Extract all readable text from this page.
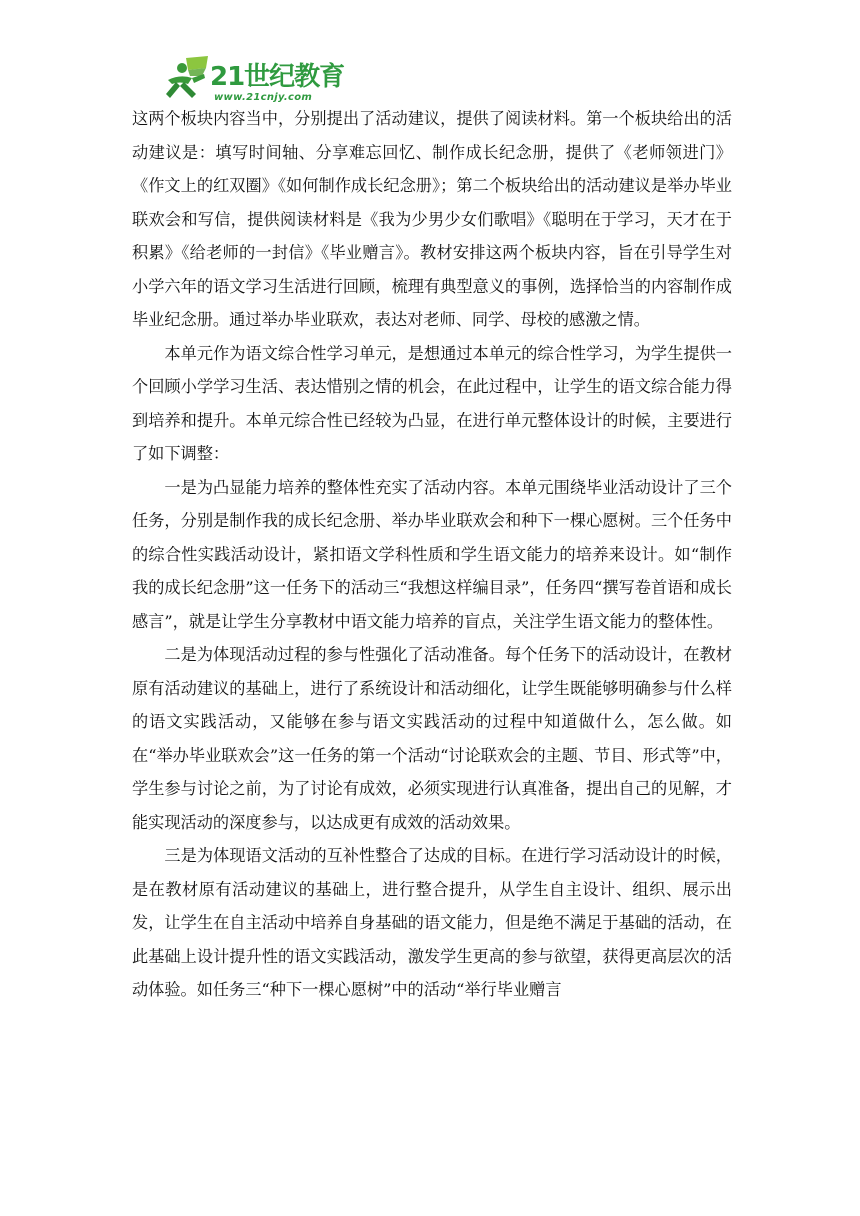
21世纪教育
www.21cnjy.com

这两个板块内容当中，分别提出了活动建议，提供了阅读材料。第一个板块给出的活动建议是：填写时间轴、分享难忘回忆、制作成长纪念册，提供了《老师领进门》《作文上的红双圈》《如何制作成长纪念册》；第二个板块给出的活动建议是举办毕业联欢会和写信，提供阅读材料是《我为少男少女们歌唱》《聪明在于学习，天才在于积累》《给老师的一封信》《毕业赠言》。教材安排这两个板块内容，旨在引导学生对小学六年的语文学习生活进行回顾，梳理有典型意义的事例，选择恰当的内容制作成毕业纪念册。通过举办毕业联欢，表达对老师、同学、母校的感激之情。

本单元作为语文综合性学习单元，是想通过本单元的综合性学习，为学生提供一个回顾小学学习生活、表达惜别之情的机会，在此过程中，让学生的语文综合能力得到培养和提升。本单元综合性已经较为凸显，在进行单元整体设计的时候，主要进行了如下调整：

一是为凸显能力培养的整体性充实了活动内容。本单元围绕毕业活动设计了三个任务，分别是制作我的成长纪念册、举办毕业联欢会和种下一棵心愿树。三个任务中的综合性实践活动设计，紧扣语文学科性质和学生语文能力的培养来设计。如“制作我的成长纪念册”这一任务下的活动三“我想这样编目录”，任务四“撰写卷首语和成长感言”，就是让学生分享教材中语文能力培养的盲点，关注学生语文能力的整体性。

二是为体现活动过程的参与性强化了活动准备。每个任务下的活动设计，在教材原有活动建议的基础上，进行了系统设计和活动细化，让学生既能够明确参与什么样的语文实践活动，又能够在参与语文实践活动的过程中知道做什么，怎么做。如在“举办毕业联欢会”这一任务的第一个活动“讨论联欢会的主题、节目、形式等”中，学生参与讨论之前，为了讨论有成效，必须实现进行认真准备，提出自己的见解，才能实现活动的深度参与，以达成更有成效的活动效果。

三是为体现语文活动的互补性整合了达成的目标。在进行学习活动设计的时候，是在教材原有活动建议的基础上，进行整合提升，从学生自主设计、组织、展示出发，让学生在自主活动中培养自身基础的语文能力，但是绝不满足于基础的活动，在此基础上设计提升性的语文实践活动，激发学生更高的参与欲望，获得更高层次的活动体验。如任务三“种下一棵心愿树”中的活动“举行毕业赠言
